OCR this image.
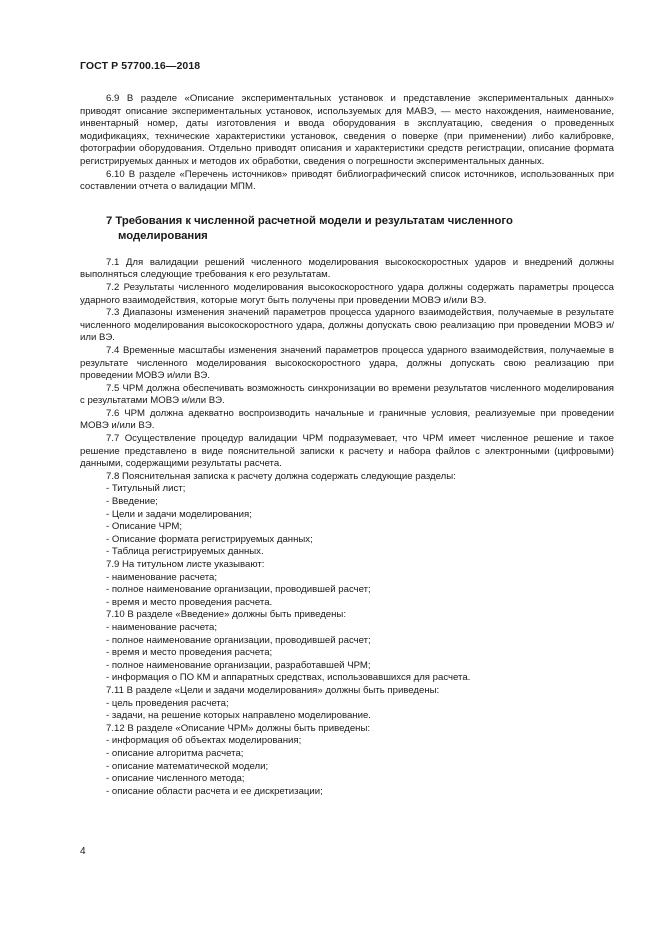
ГОСТ Р 57700.16—2018

6.9 В разделе «Описание экспериментальных установок и представление экспериментальных данных» приводят описание экспериментальных установок, используемых для МАВЭ, — место нахождения, наименование, инвентарный номер, даты изготовления и ввода оборудования в эксплуатацию, сведения о проведенных модификациях, технические характеристики установок, сведения о поверке (при применении) либо калибровке, фотографии оборудования. Отдельно приводят описания и характеристики средств регистрации, описание формата регистрируемых данных и методов их обработки, сведения о погрешности экспериментальных данных.

6.10 В разделе «Перечень источников» приводят библиографический список источников, использованных при составлении отчета о валидации МПМ.

7 Требования к численной расчетной модели и результатам численного
моделирования

7.1 Для валидации решений численного моделирования высокоскоростных ударов и внедрений должны выполняться следующие требования к его результатам.

7.2 Результаты численного моделирования высокоскоростного удара должны содержать параметры процесса ударного взаимодействия, которые могут быть получены при проведении МОВЭ и/или ВЭ.

7.3 Диапазоны изменения значений параметров процесса ударного взаимодействия, получаемые в результате численного моделирования высокоскоростного удара, должны допускать свою реализацию при проведении МОВЭ и/или ВЭ.

7.4 Временные масштабы изменения значений параметров процесса ударного взаимодействия, получаемые в результате численного моделирования высокоскоростного удара, должны допускать свою реализацию при проведении МОВЭ и/или ВЭ.

7.5 ЧРМ должна обеспечивать возможность синхронизации во времени результатов численного моделирования с результатами МОВЭ и/или ВЭ.

7.6 ЧРМ должна адекватно воспроизводить начальные и граничные условия, реализуемые при проведении МОВЭ и/или ВЭ.

7.7 Осуществление процедур валидации ЧРМ подразумевает, что ЧРМ имеет численное решение и такое решение представлено в виде пояснительной записки к расчету и набора файлов с электронными (цифровыми) данными, содержащими результаты расчета.

7.8 Пояснительная записка к расчету должна содержать следующие разделы:

- Титульный лист;

- Введение;

- Цели и задачи моделирования;

- Описание ЧРМ;

- Описание формата регистрируемых данных;

- Таблица регистрируемых данных.

7.9 На титульном листе указывают:

- наименование расчета;

- полное наименование организации, проводившей расчет;

- время и место проведения расчета.

7.10 В разделе «Введение» должны быть приведены:

- наименование расчета;

- полное наименование организации, проводившей расчет;

- время и место проведения расчета;

- полное наименование организации, разработавшей ЧРМ;

- информация о ПО КМ и аппаратных средствах, использовавшихся для расчета.

7.11 В разделе «Цели и задачи моделирования» должны быть приведены:

- цель проведения расчета;

- задачи, на решение которых направлено моделирование.

7.12 В разделе «Описание ЧРМ» должны быть приведены:

- информация об объектах моделирования;

- описание алгоритма расчета;

- описание математической модели;

- описание численного метода;

- описание области расчета и ее дискретизации;

4
